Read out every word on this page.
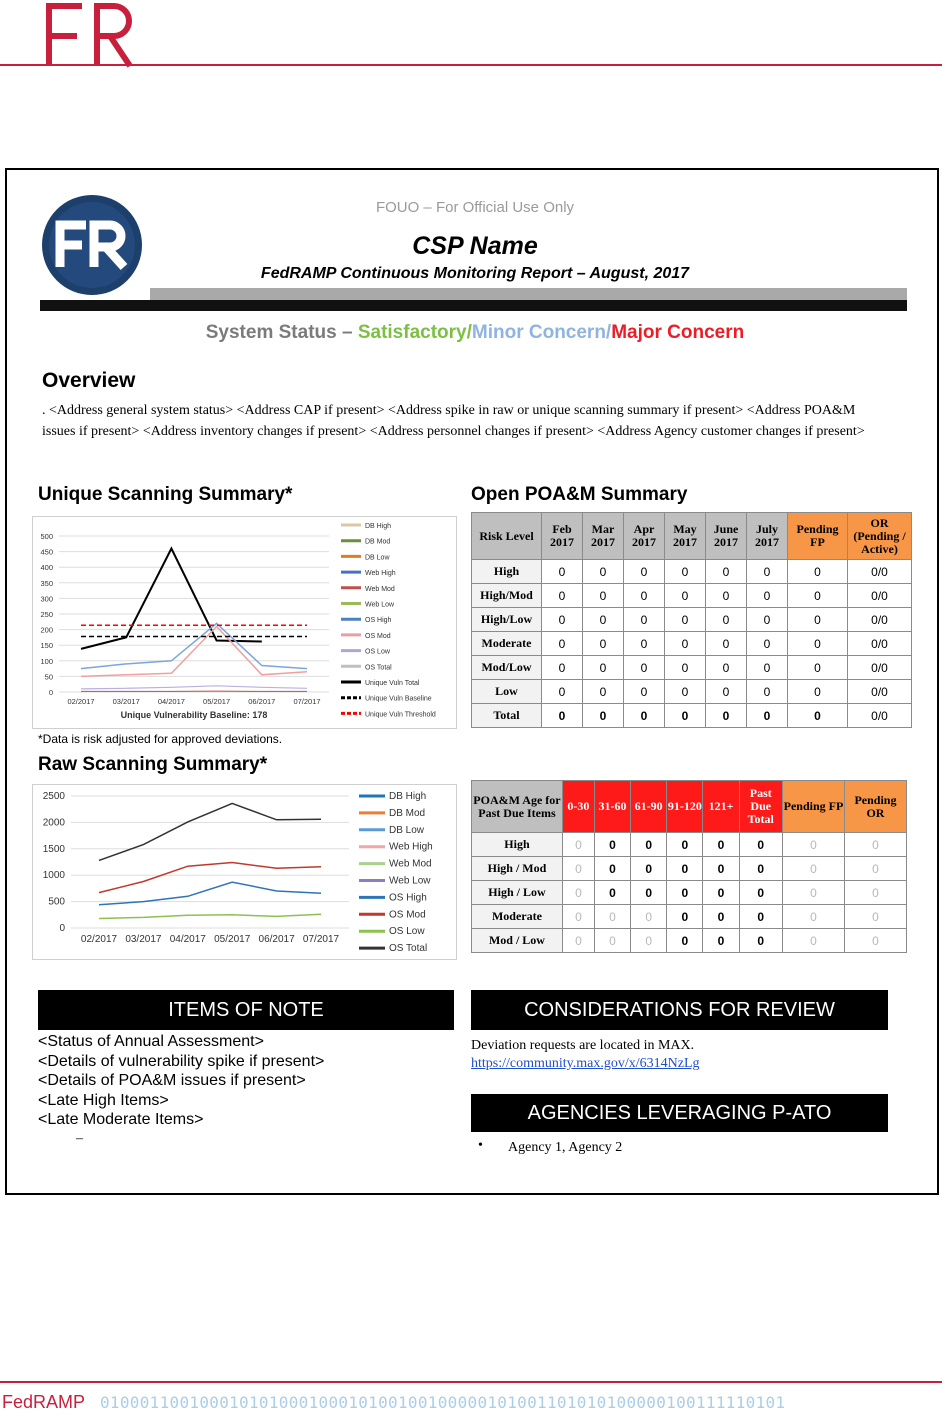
FOUO – For Official Use Only
CSP Name
FedRAMP Continuous Monitoring Report – August, 2017
System Status – Satisfactory/Minor Concern/Major Concern
Overview
. <Address general system status> <Address CAP if present> <Address spike in raw or unique scanning summary if present> <Address POA&M issues if present> <Address inventory changes if present> <Address personnel changes if present> <Address Agency customer changes if present>
Unique Scanning Summary*
0
50
100
150
200
250
300
350
400
450
500
02/2017 03/2017 04/2017 05/2017 06/2017 07/2017
Unique Vulnerability Baseline: 178
DB High
DB Mod
DB Low
Web High
Web Mod
Web Low
OS High
OS Mod
OS Low
OS Total
Unique Vuln Total
Unique Vuln Baseline
Unique Vuln Threshold
*Data is risk adjusted for approved deviations.
Raw Scanning Summary*
0
500
1000
1500
2000
2500
02/2017 03/2017 04/2017 05/2017 06/2017 07/2017
DB High
DB Mod
DB Low
Web High
Web Mod
Web Low
OS High
OS Mod
OS Low
OS Total
Open POA&M Summary
Risk Level	Feb 2017	Mar 2017	Apr 2017	May 2017	June 2017	July 2017	Pending FP	OR (Pending / Active)
High	0	0	0	0	0	0	0	0/0
High/Mod	0	0	0	0	0	0	0	0/0
High/Low	0	0	0	0	0	0	0	0/0
Moderate	0	0	0	0	0	0	0	0/0
Mod/Low	0	0	0	0	0	0	0	0/0
Low	0	0	0	0	0	0	0	0/0
Total	0	0	0	0	0	0	0	0/0
POA&M Age for Past Due Items	0-30	31-60	61-90	91-120	121+	Past Due Total	Pending FP	Pending OR
High	0	0	0	0	0	0	0	0
High / Mod	0	0	0	0	0	0	0	0
High / Low	0	0	0	0	0	0	0	0
Moderate	0	0	0	0	0	0	0	0
Mod / Low	0	0	0	0	0	0	0	0
ITEMS OF NOTE
<Status of Annual Assessment>
<Details of vulnerability spike if present>
<Details of POA&M issues if present>
<Late High Items>
<Late Moderate Items>
–
CONSIDERATIONS FOR REVIEW
Deviation requests are located in MAX.
https://community.max.gov/x/6314NzLg
AGENCIES LEVERAGING P-ATO
• Agency 1, Agency 2
FedRAMP 010001100100010101000100010100100100000101001101010100000100111110101
